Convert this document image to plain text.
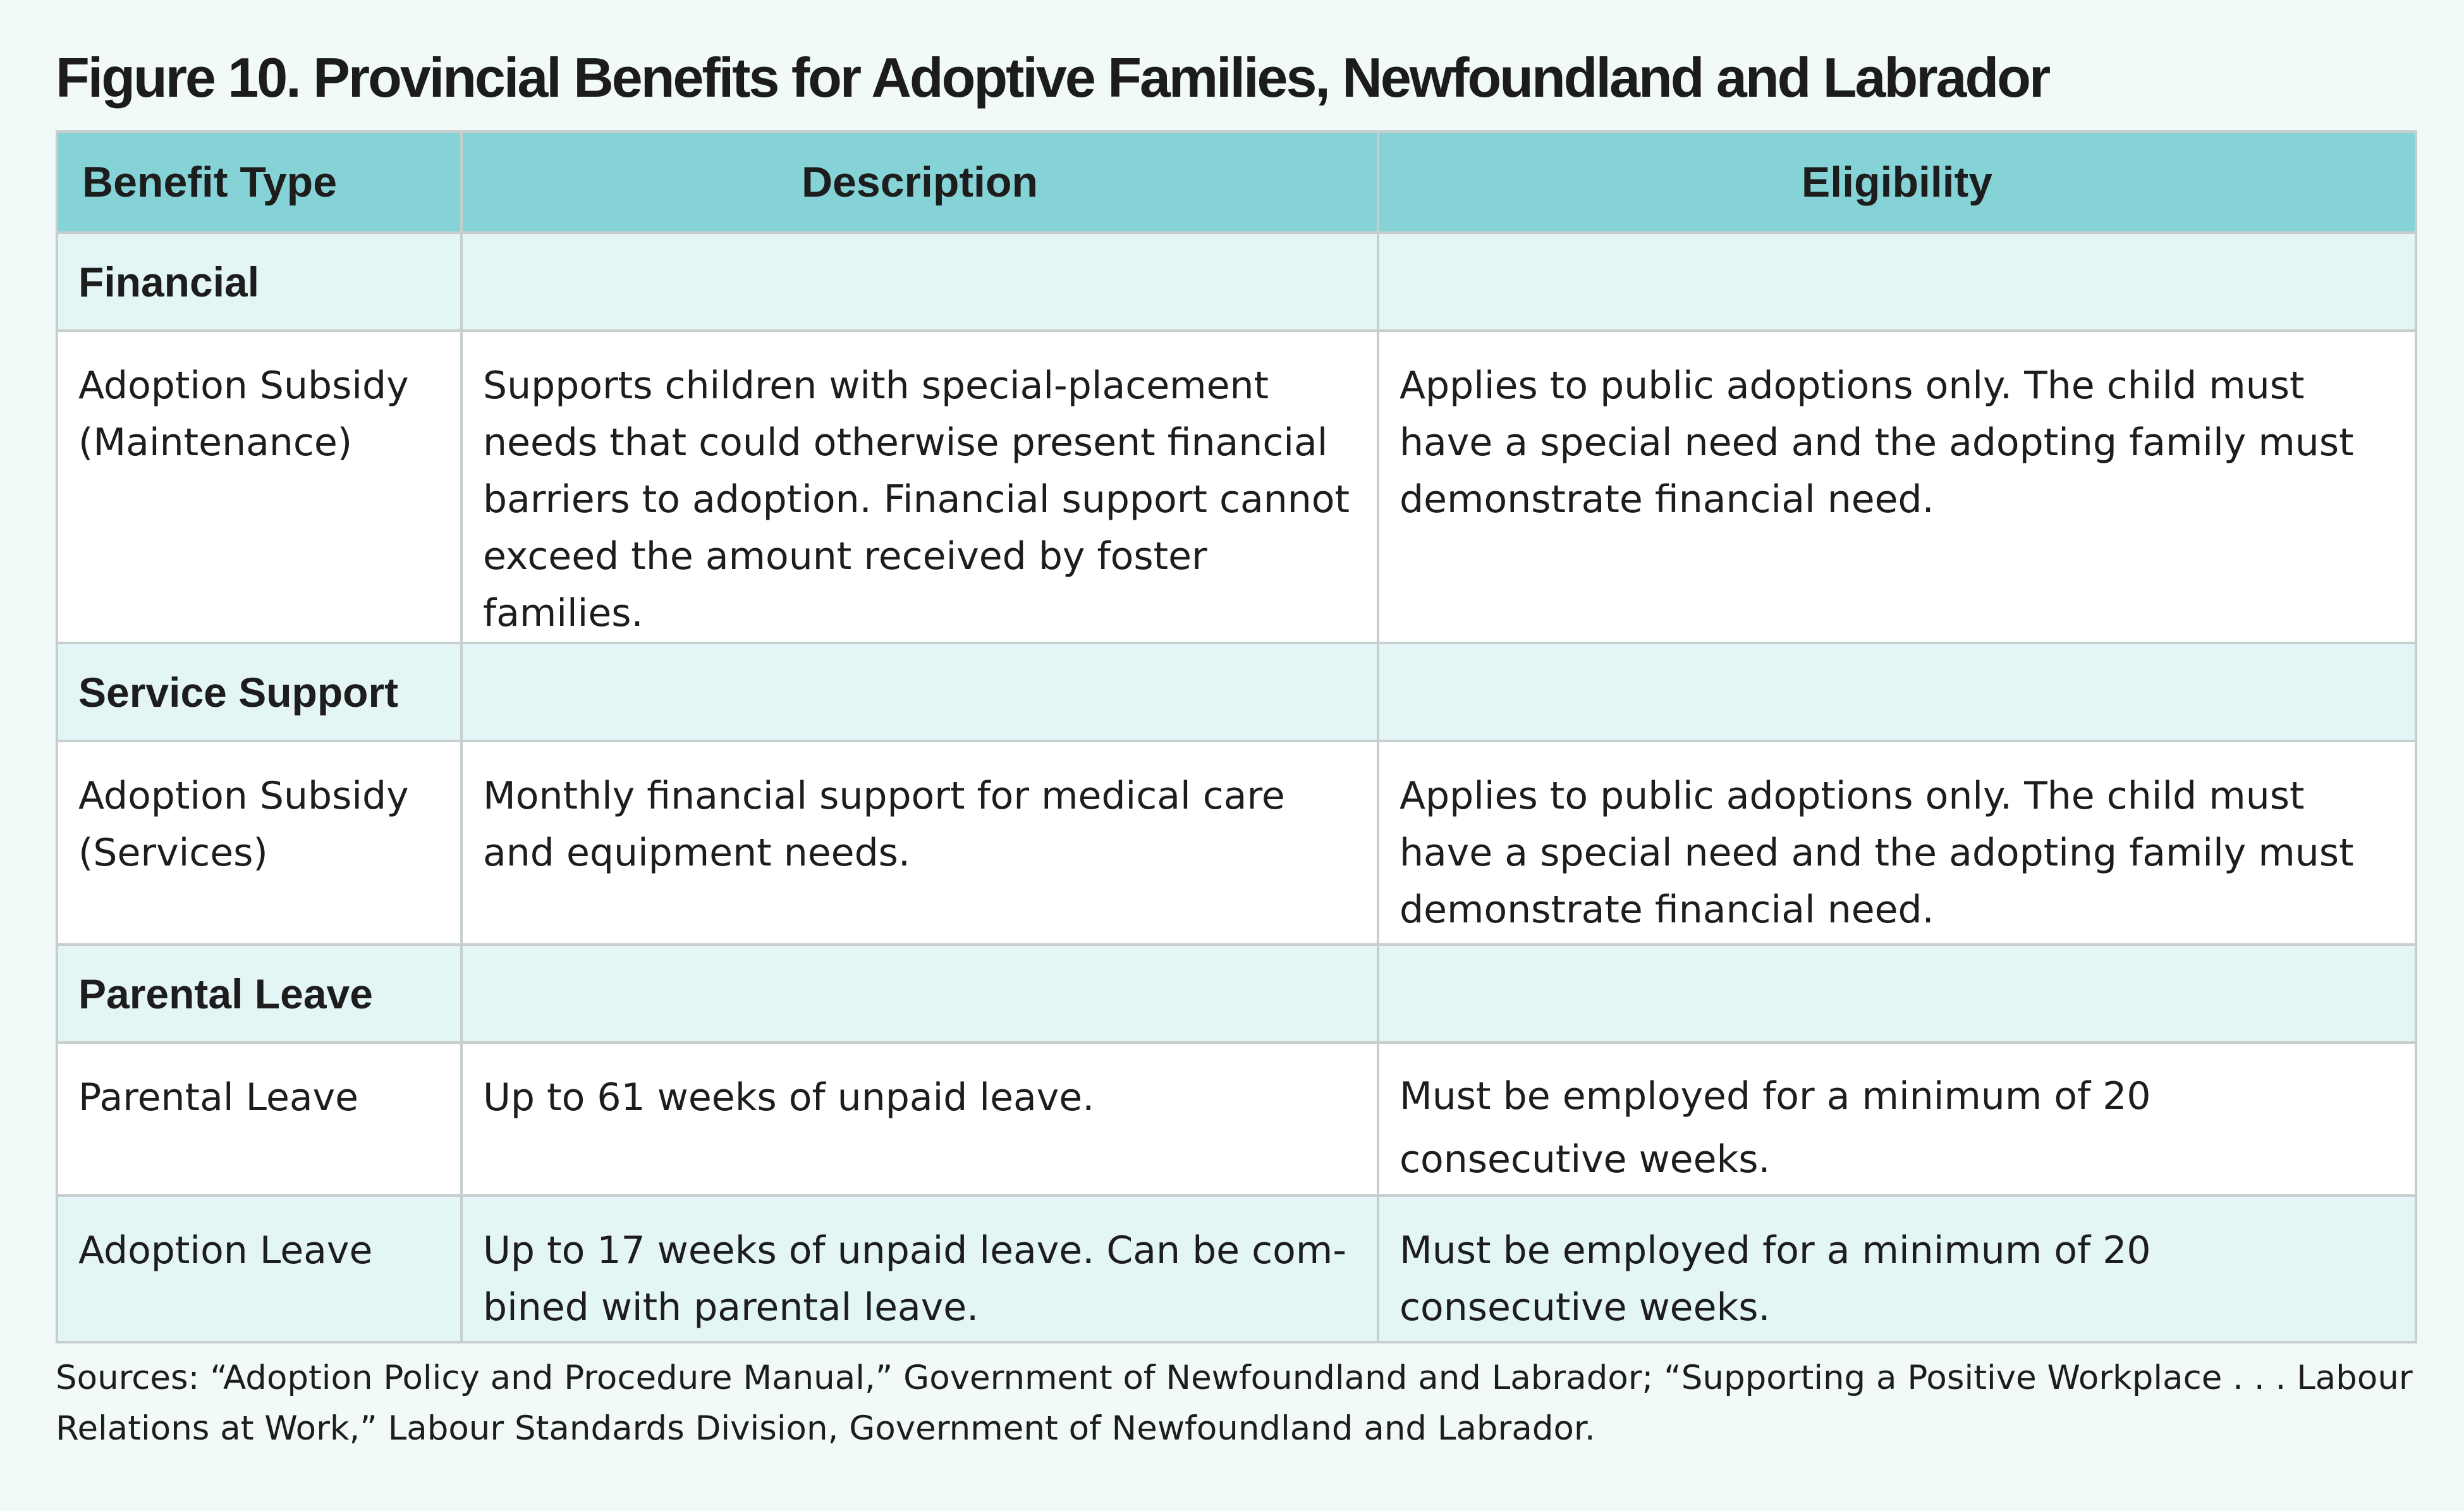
Figure 10. Provincial Benefits for Adoptive Families, Newfoundland and Labrador
Benefit Type	Description	Eligibility
Financial		
Adoption Subsidy (Maintenance)	Supports children with special-placement needs that could otherwise present financial barriers to adoption. Financial support cannot exceed the amount received by foster families.	Applies to public adoptions only. The child must have a special need and the adopting family must demonstrate financial need.
Service Support		
Adoption Subsidy (Services)	Monthly financial support for medical care and equipment needs.	Applies to public adoptions only. The child must have a special need and the adopting family must demonstrate financial need.
Parental Leave		
Parental Leave	Up to 61 weeks of unpaid leave.	Must be employed for a minimum of 20 consecutive weeks.
Adoption Leave	Up to 17 weeks of unpaid leave. Can be com-bined with parental leave.	Must be employed for a minimum of 20 consecutive weeks.

Sources: “Adoption Policy and Procedure Manual,” Government of Newfoundland and Labrador; “Supporting a Positive Workplace . . . Labour Relations at Work,” Labour Standards Division, Government of Newfoundland and Labrador.
